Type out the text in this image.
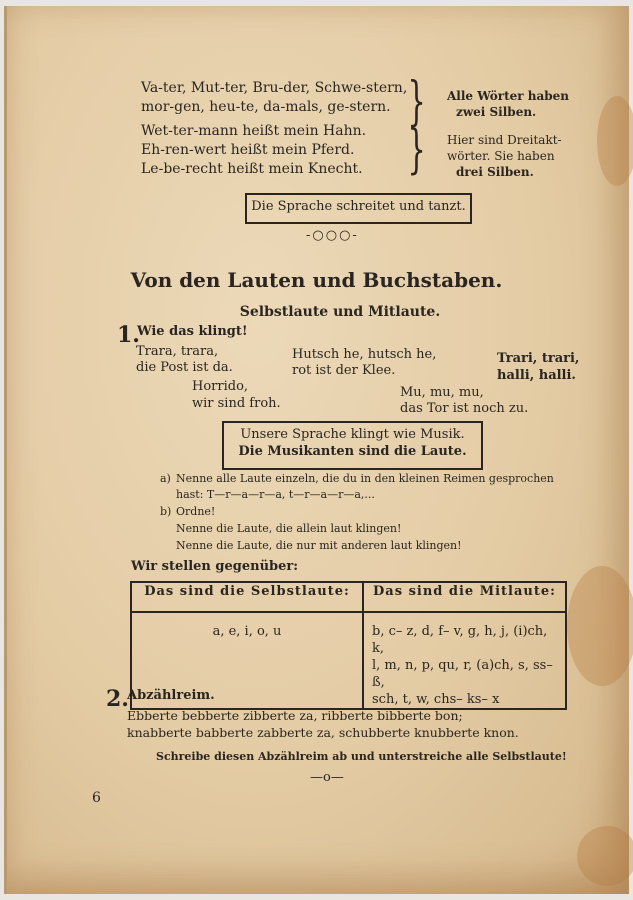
Va-ter, Mut-ter, Bru-der, Schwe-stern,
mor-gen, heu-te, da-mals, ge-stern. } Alle Wörter haben
zwei Silben.
Wet-ter-mann heißt mein Hahn.
Eh-ren-wert heißt mein Pferd.
Le-be-recht heißt mein Knecht. } Hier sind Dreitakt-
wörter. Sie haben
drei Silben.
Die Sprache schreitet und tanzt.
-○○○-
Von den Lauten und Buchstaben.
Selbstlaute und Mitlaute.
1.
Wie das klingt!
Trara, trara,
die Post ist da.
Hutsch he, hutsch he,
rot ist der Klee.
Trari, trari,
halli, halli.
Horrido,
wir sind froh.
Mu, mu, mu,
das Tor ist noch zu.
Unsere Sprache klingt wie Musik.
Die Musikanten sind die Laute.
a) Nenne alle Laute einzeln, die du in den kleinen Reimen gesprochen
hast: T—r—a—r—a, t—r—a—r—a,...
b) Ordne!
Nenne die Laute, die allein laut klingen!
Nenne die Laute, die nur mit anderen laut klingen!
Wir stellen gegenüber:
Das sind die Selbstlaute:	Das sind die Mitlaute:
a, e, i, o, u	b, c– z, d, f– v, g, h, j, (i)ch, k,
l, m, n, p, qu, r, (a)ch, s, ss– ß,
sch, t, w, chs– ks– x
2.
Abzählreim.
Ebberte bebberte zibberte za, ribberte bibberte bon;
knabberte babberte zabberte za, schubberte knubberte knon.
Schreibe diesen Abzählreim ab und unterstreiche alle Selbstlaute!
—o—
6
